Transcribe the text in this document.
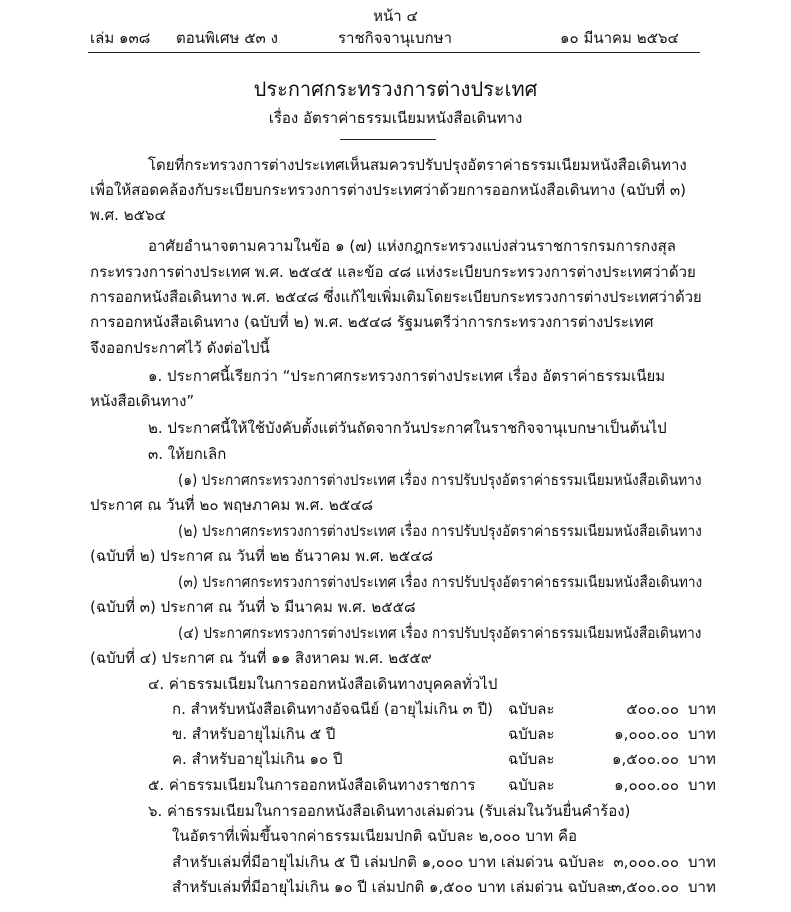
หน้า ๔
เล่ม ๑๓๘ ตอนพิเศษ ๕๓ ง	ราชกิจจานุเบกษา	๑๐ มีนาคม ๒๕๖๔
ประกาศกระทรวงการต่างประเทศ
เรื่อง อัตราค่าธรรมเนียมหนังสือเดินทาง
โดยที่กระทรวงการต่างประเทศเห็นสมควรปรับปรุงอัตราค่าธรรมเนียมหนังสือเดินทาง
เพื่อให้สอดคล้องกับระเบียบกระทรวงการต่างประเทศว่าด้วยการออกหนังสือเดินทาง (ฉบับที่ ๓)
พ.ศ. ๒๕๖๔
อาศัยอำนาจตามความในข้อ ๑ (๗) แห่งกฎกระทรวงแบ่งส่วนราชการกรมการกงสุล
กระทรวงการต่างประเทศ พ.ศ. ๒๕๔๕ และข้อ ๔๘ แห่งระเบียบกระทรวงการต่างประเทศว่าด้วย
การออกหนังสือเดินทาง พ.ศ. ๒๕๔๘ ซึ่งแก้ไขเพิ่มเติมโดยระเบียบกระทรวงการต่างประเทศว่าด้วย
การออกหนังสือเดินทาง (ฉบับที่ ๒) พ.ศ. ๒๕๔๘ รัฐมนตรีว่าการกระทรวงการต่างประเทศ
จึงออกประกาศไว้ ดังต่อไปนี้
๑. ประกาศนี้เรียกว่า “ประกาศกระทรวงการต่างประเทศ เรื่อง อัตราค่าธรรมเนียม
หนังสือเดินทาง”
๒. ประกาศนี้ให้ใช้บังคับตั้งแต่วันถัดจากวันประกาศในราชกิจจานุเบกษาเป็นต้นไป
๓. ให้ยกเลิก
(๑) ประกาศกระทรวงการต่างประเทศ เรื่อง การปรับปรุงอัตราค่าธรรมเนียมหนังสือเดินทาง
ประกาศ ณ วันที่ ๒๐ พฤษภาคม พ.ศ. ๒๕๔๘
(๒) ประกาศกระทรวงการต่างประเทศ เรื่อง การปรับปรุงอัตราค่าธรรมเนียมหนังสือเดินทาง
(ฉบับที่ ๒) ประกาศ ณ วันที่ ๒๒ ธันวาคม พ.ศ. ๒๕๔๘
(๓) ประกาศกระทรวงการต่างประเทศ เรื่อง การปรับปรุงอัตราค่าธรรมเนียมหนังสือเดินทาง
(ฉบับที่ ๓) ประกาศ ณ วันที่ ๖ มีนาคม พ.ศ. ๒๕๕๘
(๔) ประกาศกระทรวงการต่างประเทศ เรื่อง การปรับปรุงอัตราค่าธรรมเนียมหนังสือเดินทาง
(ฉบับที่ ๔) ประกาศ ณ วันที่ ๑๑ สิงหาคม พ.ศ. ๒๕๕๙
๔. ค่าธรรมเนียมในการออกหนังสือเดินทางบุคคลทั่วไป
ก. สำหรับหนังสือเดินทางอัจฉนีย์ (อายุไม่เกิน ๓ ปี) ฉบับละ	๕๐๐.๐๐ บาท
ข. สำหรับอายุไม่เกิน ๕ ปี	ฉบับละ	๑,๐๐๐.๐๐ บาท
ค. สำหรับอายุไม่เกิน ๑๐ ปี	ฉบับละ	๑,๕๐๐.๐๐ บาท
๕. ค่าธรรมเนียมในการออกหนังสือเดินทางราชการ ฉบับละ	๑,๐๐๐.๐๐ บาท
๖. ค่าธรรมเนียมในการออกหนังสือเดินทางเล่มด่วน (รับเล่มในวันยื่นคำร้อง)
ในอัตราที่เพิ่มขึ้นจากค่าธรรมเนียมปกติ ฉบับละ ๒,๐๐๐ บาท คือ
สำหรับเล่มที่มีอายุไม่เกิน ๕ ปี เล่มปกติ ๑,๐๐๐ บาท เล่มด่วน ฉบับละ ๓,๐๐๐.๐๐ บาท
สำหรับเล่มที่มีอายุไม่เกิน ๑๐ ปี เล่มปกติ ๑,๕๐๐ บาท เล่มด่วน ฉบับละ
๓,๕๐๐.๐๐ บาท
